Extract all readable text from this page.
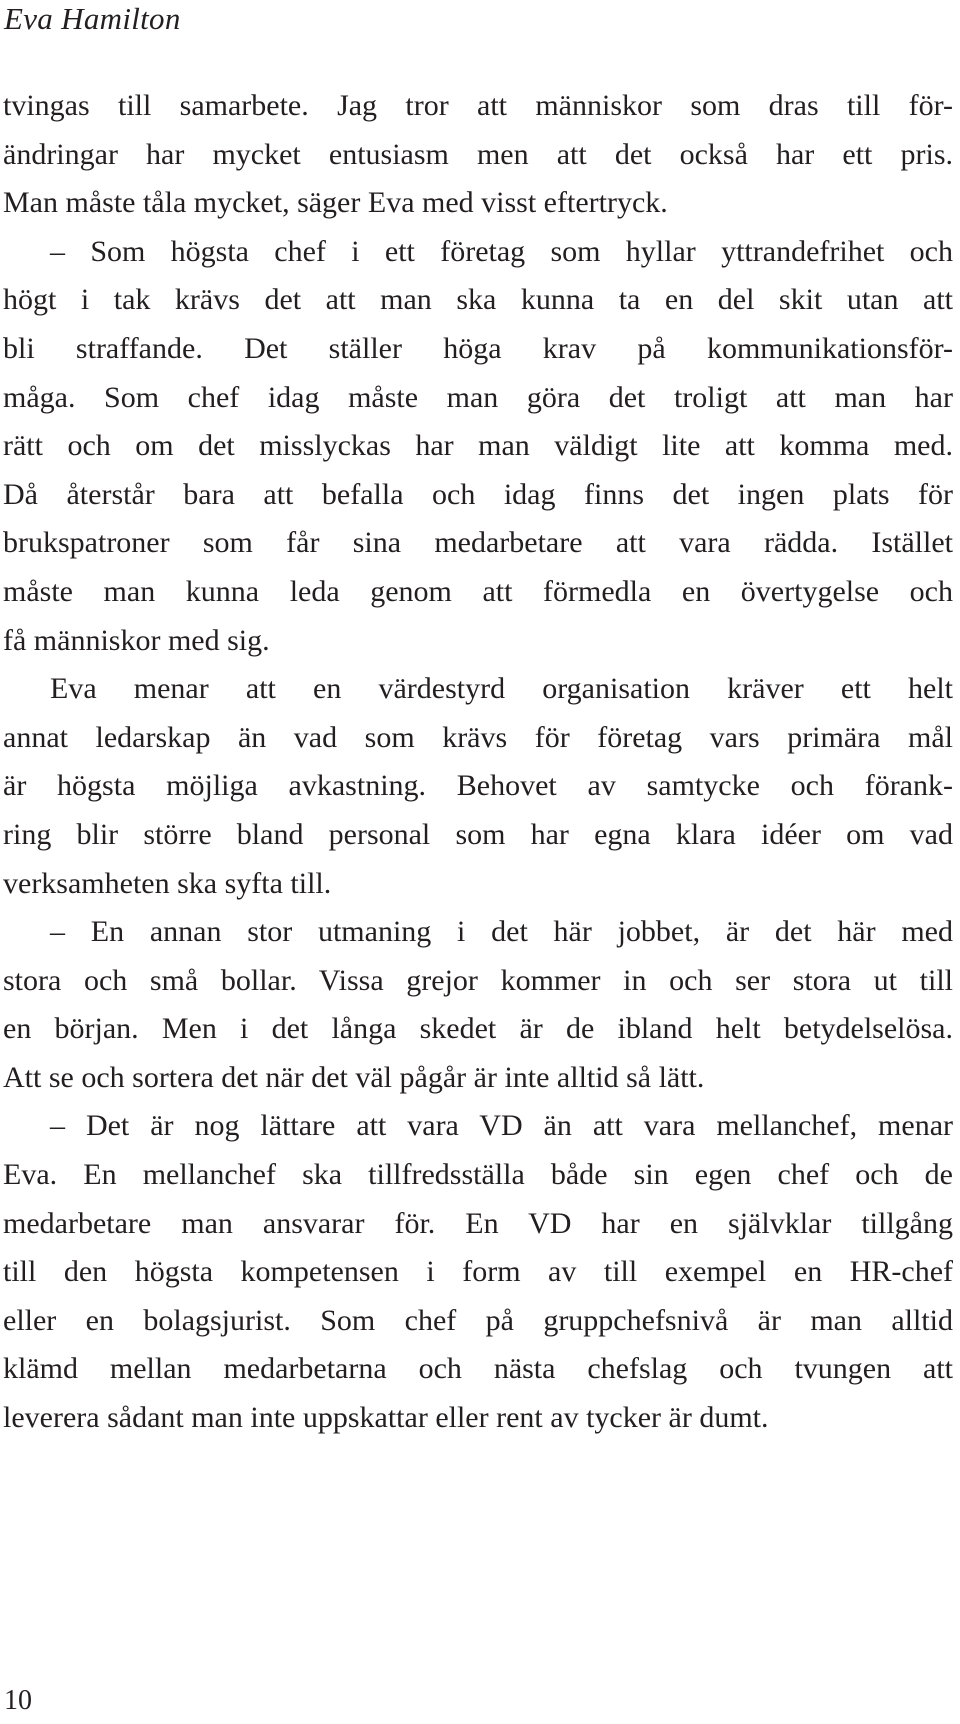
Eva Hamilton
tvingas till samarbete. Jag tror att människor som dras till för-
ändringar har mycket entusiasm men att det också har ett pris.
Man måste tåla mycket, säger Eva med visst eftertryck.
– Som högsta chef i ett företag som hyllar yttrandefrihet och
högt i tak krävs det att man ska kunna ta en del skit utan att
bli straffande. Det ställer höga krav på kommunikationsför-
måga. Som chef idag måste man göra det troligt att man har
rätt och om det misslyckas har man väldigt lite att komma med.
Då återstår bara att befalla och idag finns det ingen plats för
brukspatroner som får sina medarbetare att vara rädda. Istället
måste man kunna leda genom att förmedla en övertygelse och
få människor med sig.
Eva menar att en värdestyrd organisation kräver ett helt
annat ledarskap än vad som krävs för företag vars primära mål
är högsta möjliga avkastning. Behovet av samtycke och förank-
ring blir större bland personal som har egna klara idéer om vad
verksamheten ska syfta till.
– En annan stor utmaning i det här jobbet, är det här med
stora och små bollar. Vissa grejor kommer in och ser stora ut till
en början. Men i det långa skedet är de ibland helt betydelselösa.
Att se och sortera det när det väl pågår är inte alltid så lätt.
– Det är nog lättare att vara VD än att vara mellanchef, menar
Eva. En mellanchef ska tillfredsställa både sin egen chef och de
medarbetare man ansvarar för. En VD har en självklar tillgång
till den högsta kompetensen i form av till exempel en HR-chef
eller en bolagsjurist. Som chef på gruppchefsnivå är man alltid
klämd mellan medarbetarna och nästa chefslag och tvungen att
leverera sådant man inte uppskattar eller rent av tycker är dumt.
10
